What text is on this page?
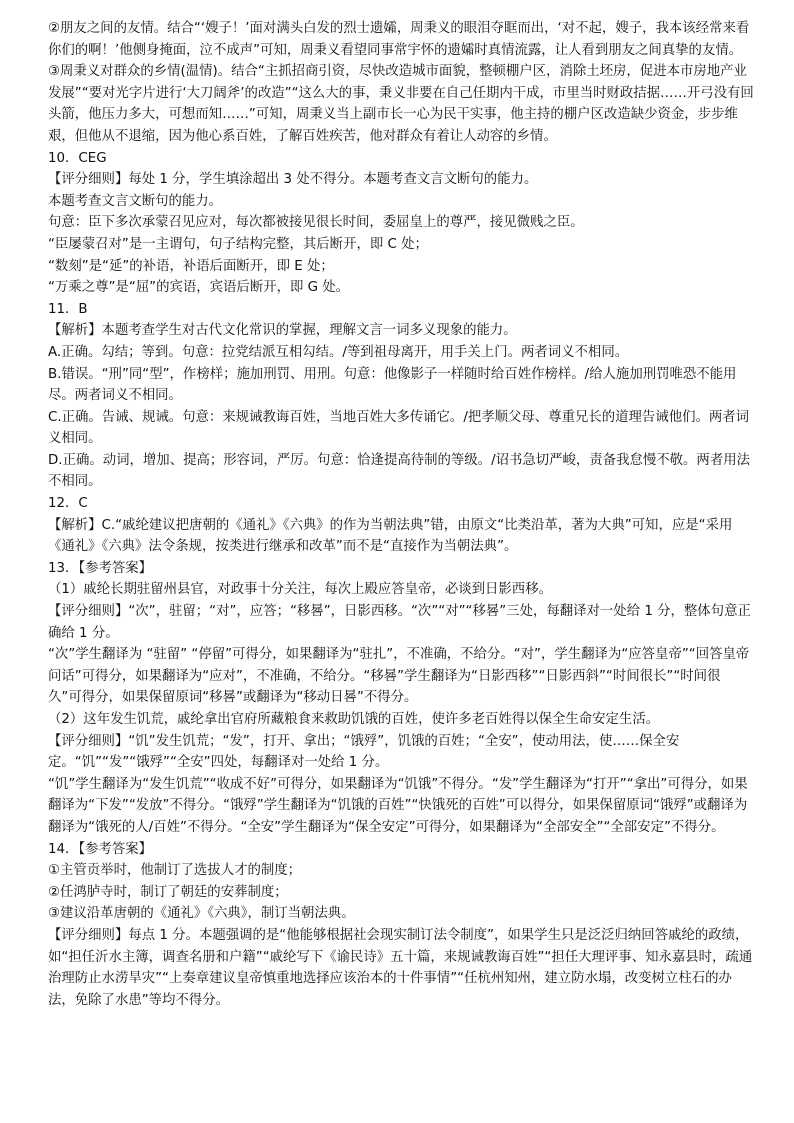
②朋友之间的友情。结合“‘嫂子！’面对满头白发的烈士遗孀，周秉义的眼泪夺眶而出，‘对不起，嫂子，我本该经常来看你们的啊！’他侧身掩面，泣不成声”可知，周秉义看望同事常宇怀的遗孀时真情流露，让人看到朋友之间真挚的友情。

③周秉义对群众的乡情(温情)。结合“主抓招商引资，尽快改造城市面貌，整顿棚户区，消除土坯房，促进本市房地产业发展”“要对光字片进行‘大刀阔斧’的改造”“这么大的事，秉义非要在自己任期内干成，市里当时财政拮据……开弓没有回头箭，他压力多大，可想而知……”可知，周秉义当上副市长一心为民干实事，他主持的棚户区改造缺少资金，步步维艰，但他从不退缩，因为他心系百姓，了解百姓疾苦，他对群众有着让人动容的乡情。

10．CEG

【评分细则】每处 1 分，学生填涂超出 3 处不得分。本题考查文言文断句的能力。

本题考查文言文断句的能力。

句意：臣下多次承蒙召见应对，每次都被接见很长时间，委屈皇上的尊严，接见微贱之臣。

“臣屡蒙召对”是一主谓句，句子结构完整，其后断开，即 C 处；

“数刻”是“延”的补语，补语后面断开，即 E 处；

“万乘之尊”是“屈”的宾语，宾语后断开，即 G 处。

11．B

【解析】本题考查学生对古代文化常识的掌握，理解文言一词多义现象的能力。

A.正确。勾结；等到。句意：拉党结派互相勾结。/等到祖母离开，用手关上门。两者词义不相同。

B.错误。“刑”同“型”，作榜样；施加刑罚、用刑。句意：他像影子一样随时给百姓作榜样。/给人施加刑罚唯恐不能用尽。两者词义不相同。

C.正确。告诫、规诫。句意：来规诫教诲百姓，当地百姓大多传诵它。/把孝顺父母、尊重兄长的道理告诫他们。两者词义相同。

D.正确。动词，增加、提高；形容词，严厉。句意：恰逢提高待制的等级。/诏书急切严峻，责备我怠慢不敬。两者用法不相同。

12．C

【解析】C.“戚纶建议把唐朝的《通礼》《六典》的作为当朝法典”错，由原文“比类沿革，著为大典”可知，应是“采用《通礼》《六典》法令条规，按类进行继承和改革”而不是“直接作为当朝法典”。

13．【参考答案】

（1）戚纶长期驻留州县官，对政事十分关注，每次上殿应答皇帝，必谈到日影西移。

【评分细则】“次”，驻留；“对”，应答；“移晷”，日影西移。“次”“对”“移晷”三处，每翻译对一处给 1 分，整体句意正确给 1 分。

“次”学生翻译为 “驻留” “停留”可得分，如果翻译为“驻扎”，不准确，不给分。“对”，学生翻译为“应答皇帝”“回答皇帝问话”可得分，如果翻译为“应对”，不准确，不给分。“移晷”学生翻译为“日影西移”“日影西斜”“时间很长”“时间很久”可得分，如果保留原词“移晷”或翻译为“移动日晷”不得分。

（2）这年发生饥荒，戚纶拿出官府所藏粮食来救助饥饿的百姓，使许多老百姓得以保全生命安定生活。

【评分细则】“饥”发生饥荒；“发”，打开、拿出；“饿殍”，饥饿的百姓；“全安”，使动用法，使……保全安定。“饥”“发”“饿殍”“全安”四处，每翻译对一处给 1 分。

“饥”学生翻译为“发生饥荒”“收成不好”可得分，如果翻译为“饥饿”不得分。“发”学生翻译为“打开”“拿出”可得分，如果翻译为“下发”“发放”不得分。“饿殍”学生翻译为“饥饿的百姓”“快饿死的百姓”可以得分，如果保留原词“饿殍”或翻译为翻译为“饿死的人/百姓”不得分。“全安”学生翻译为“保全安定”可得分，如果翻译为“全部安全”“全部安定”不得分。

14．【参考答案】

①主管贡举时，他制订了选拔人才的制度；

②任鸿胪寺时，制订了朝廷的安葬制度；

③建议沿革唐朝的《通礼》《六典》，制订当朝法典。

【评分细则】每点 1 分。本题强调的是“他能够根据社会现实制订法令制度”，如果学生只是泛泛归纳回答戚纶的政绩，如“担任沂水主簿，调查名册和户籍”“戚纶写下《谕民诗》五十篇，来规诫教诲百姓”“担任大理评事、知永嘉县时，疏通治理防止水涝旱灾”“上奏章建议皇帝慎重地选择应该治本的十件事情”“任杭州知州，建立防水塌，改变树立柱石的办法，免除了水患”等均不得分。
